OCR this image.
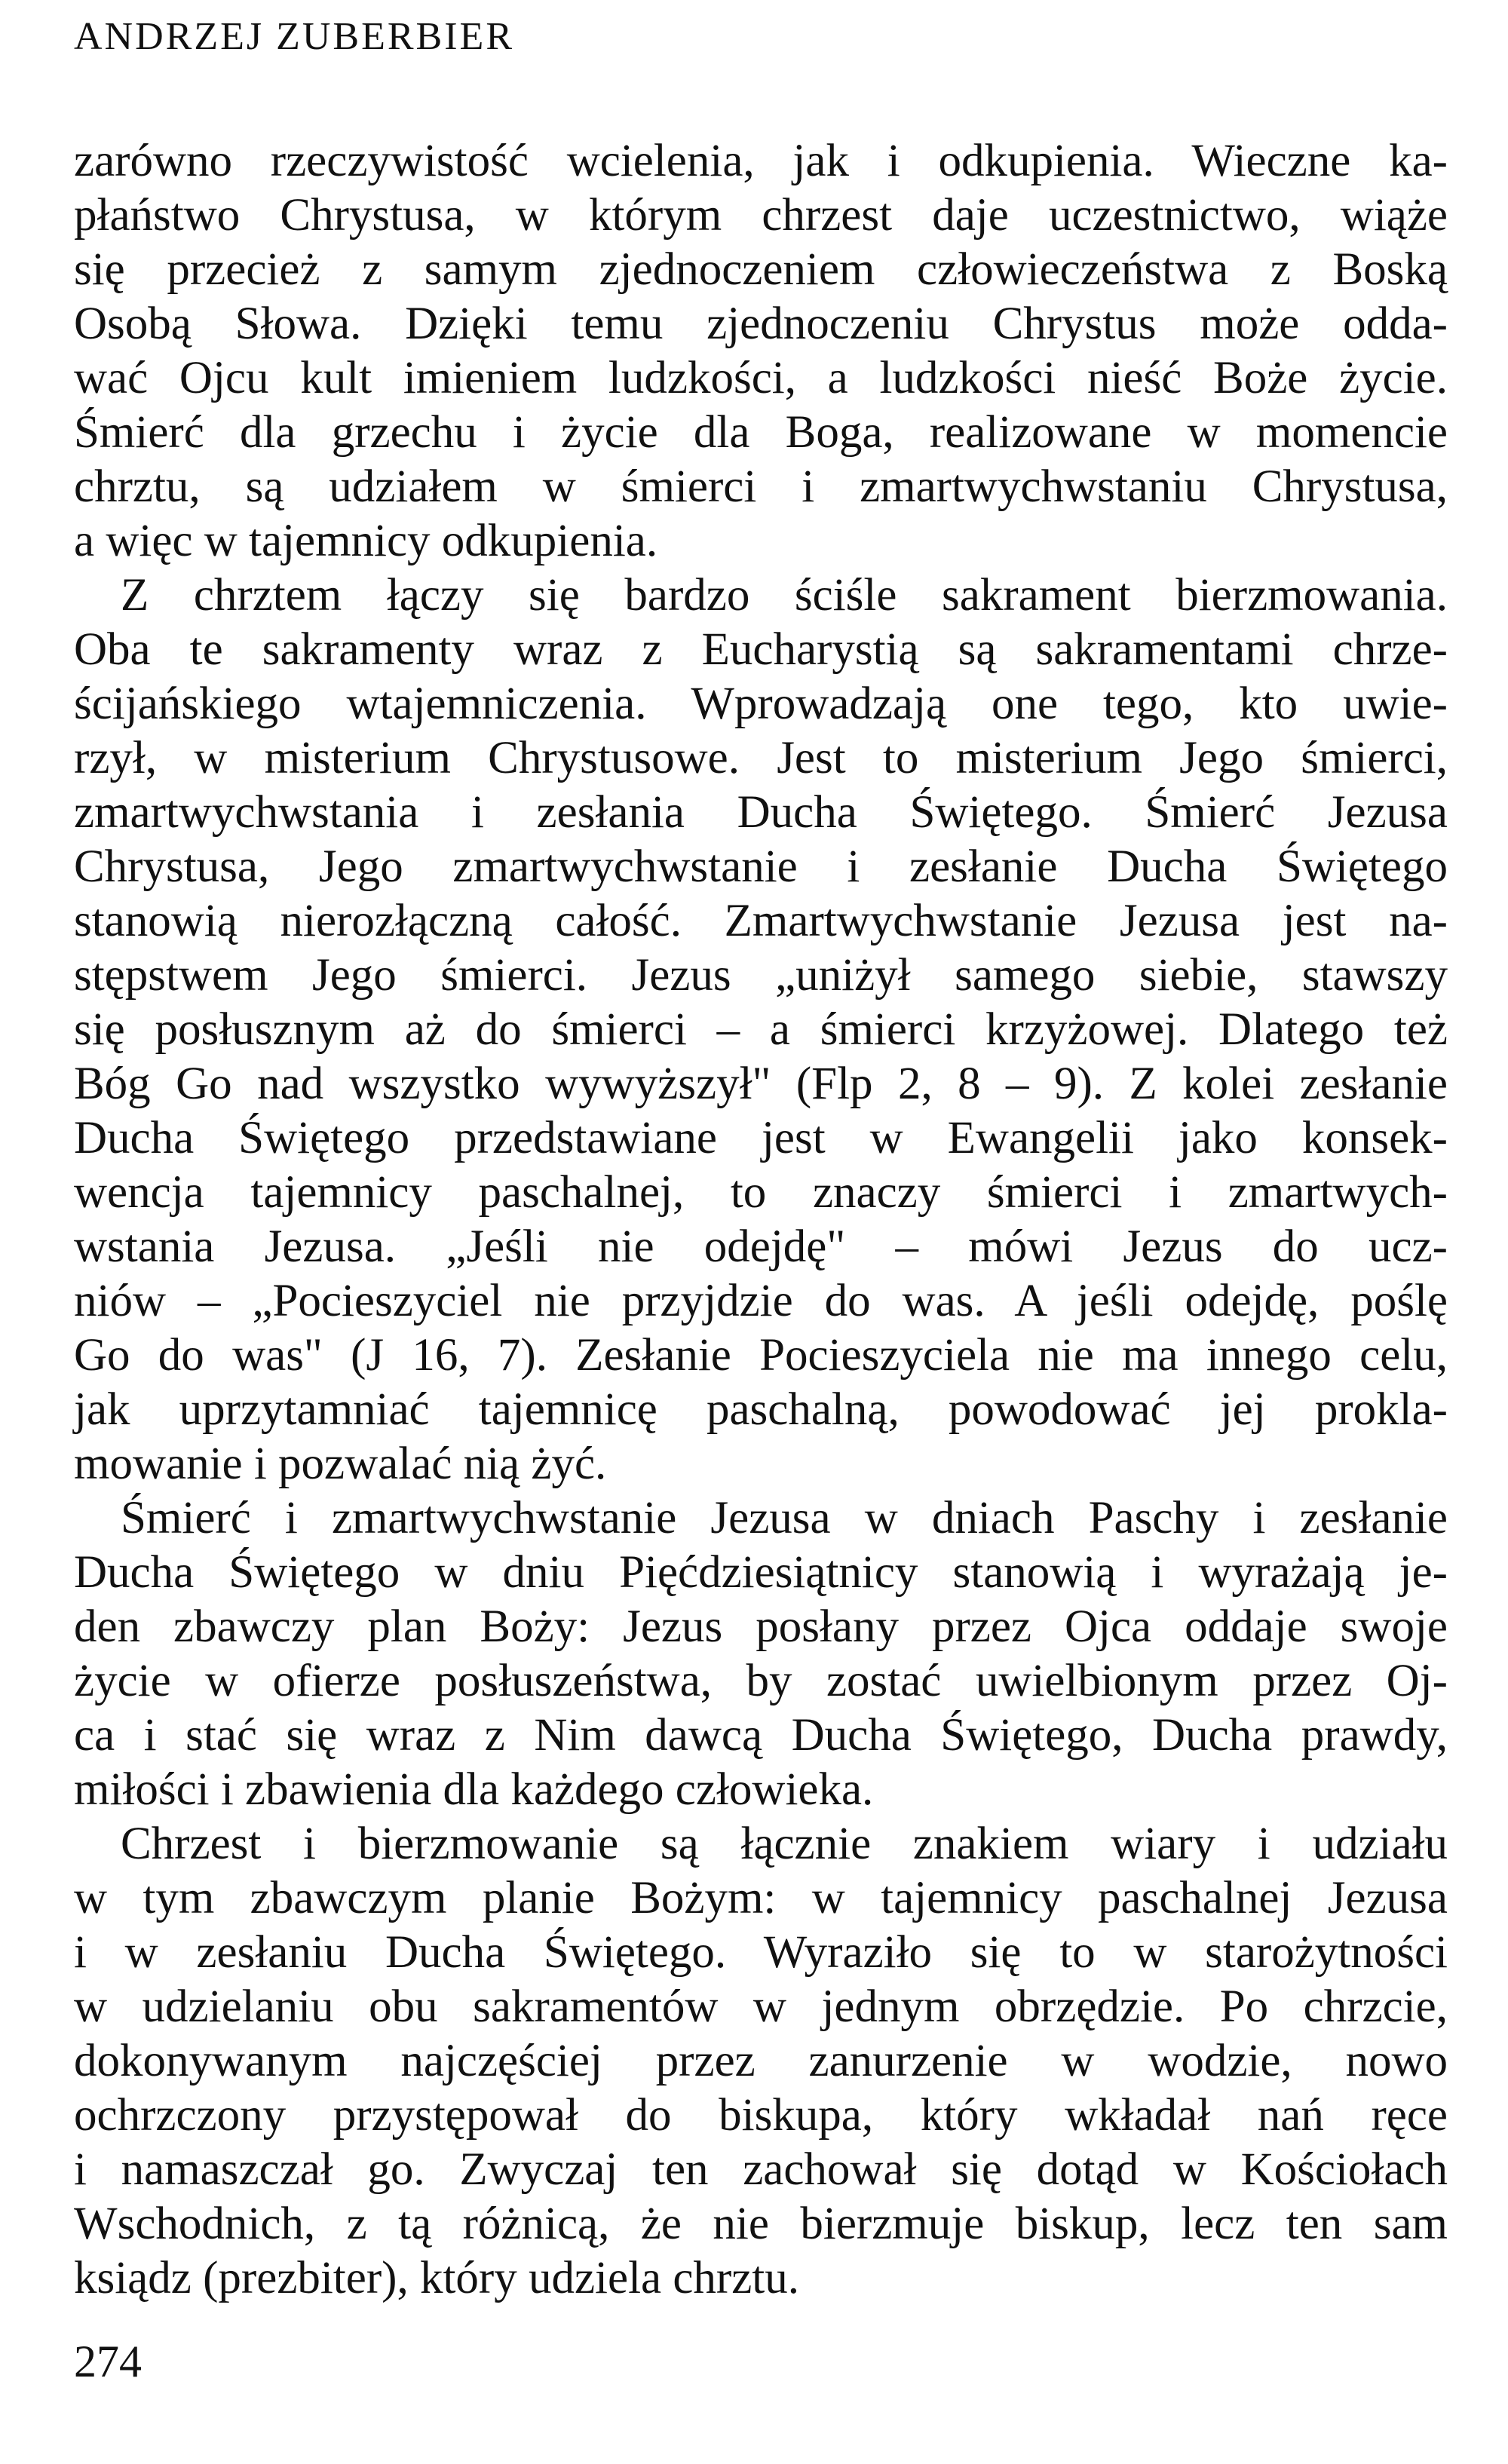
ANDRZEJ ZUBERBIER
zarówno rzeczywistość wcielenia, jak i odkupienia. Wieczne ka-
płaństwo Chrystusa, w którym chrzest daje uczestnictwo, wiąże
się przecież z samym zjednoczeniem człowieczeństwa z Boską
Osobą Słowa. Dzięki temu zjednoczeniu Chrystus może odda-
wać Ojcu kult imieniem ludzkości, a ludzkości nieść Boże życie.
Śmierć dla grzechu i życie dla Boga, realizowane w momencie
chrztu, są udziałem w śmierci i zmartwychwstaniu Chrystusa,
a więc w tajemnicy odkupienia.
Z chrztem łączy się bardzo ściśle sakrament bierzmowania.
Oba te sakramenty wraz z Eucharystią są sakramentami chrze-
ścijańskiego wtajemniczenia. Wprowadzają one tego, kto uwie-
rzył, w misterium Chrystusowe. Jest to misterium Jego śmierci,
zmartwychwstania i zesłania Ducha Świętego. Śmierć Jezusa
Chrystusa, Jego zmartwychwstanie i zesłanie Ducha Świętego
stanowią nierozłączną całość. Zmartwychwstanie Jezusa jest na-
stępstwem Jego śmierci. Jezus „uniżył samego siebie, stawszy
się posłusznym aż do śmierci – a śmierci krzyżowej. Dlatego też
Bóg Go nad wszystko wywyższył" (Flp 2, 8 – 9). Z kolei zesłanie
Ducha Świętego przedstawiane jest w Ewangelii jako konsek-
wencja tajemnicy paschalnej, to znaczy śmierci i zmartwych-
wstania Jezusa. „Jeśli nie odejdę" – mówi Jezus do ucz-
niów – „Pocieszyciel nie przyjdzie do was. A jeśli odejdę, poślę
Go do was" (J 16, 7). Zesłanie Pocieszyciela nie ma innego celu,
jak uprzytamniać tajemnicę paschalną, powodować jej prokla-
mowanie i pozwalać nią żyć.
Śmierć i zmartwychwstanie Jezusa w dniach Paschy i zesłanie
Ducha Świętego w dniu Pięćdziesiątnicy stanowią i wyrażają je-
den zbawczy plan Boży: Jezus posłany przez Ojca oddaje swoje
życie w ofierze posłuszeństwa, by zostać uwielbionym przez Oj-
ca i stać się wraz z Nim dawcą Ducha Świętego, Ducha prawdy,
miłości i zbawienia dla każdego człowieka.
Chrzest i bierzmowanie są łącznie znakiem wiary i udziału
w tym zbawczym planie Bożym: w tajemnicy paschalnej Jezusa
i w zesłaniu Ducha Świętego. Wyraziło się to w starożytności
w udzielaniu obu sakramentów w jednym obrzędzie. Po chrzcie,
dokonywanym najczęściej przez zanurzenie w wodzie, nowo
ochrzczony przystępował do biskupa, który wkładał nań ręce
i namaszczał go. Zwyczaj ten zachował się dotąd w Kościołach
Wschodnich, z tą różnicą, że nie bierzmuje biskup, lecz ten sam
ksiądz (prezbiter), który udziela chrztu.
274
